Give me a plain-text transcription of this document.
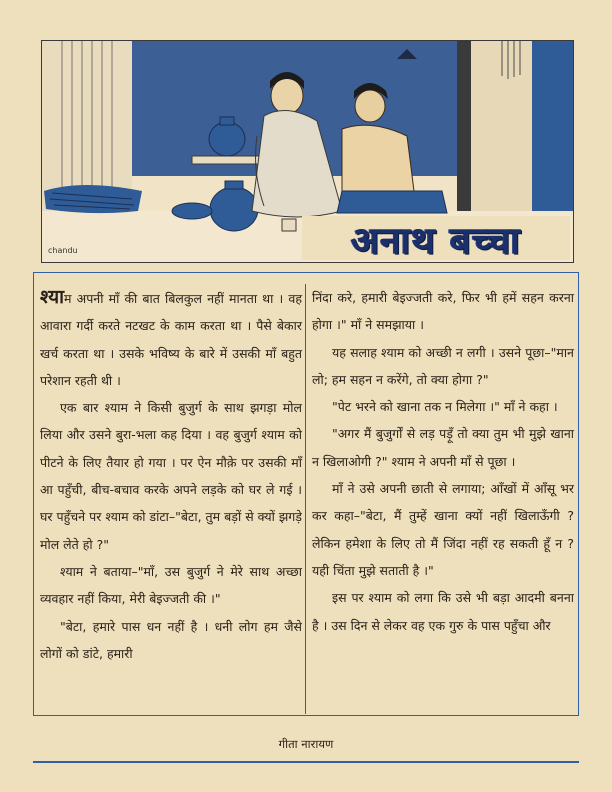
chandu	अनाथ बच्चा

श्याम अपनी माँ की बात बिलकुल नहीं मानता था । वह आवारा गर्दी करते नटखट के काम करता था । पैसे बेकार खर्च करता था । उसके भविष्य के बारे में उसकी माँ बहुत परेशान रहती थी ।

एक बार श्याम ने किसी बुजुर्ग के साथ झगड़ा मोल लिया और उसने बुरा-भला कह दिया । वह बुजुर्ग श्याम को पीटने के लिए तैयार हो गया । पर ऐन मौक़े पर उसकी माँ आ पहुँची, बीच-बचाव करके अपने लड़के को घर ले गई । घर पहुँचने पर श्याम को डांटा–"बेटा, तुम बड़ों से क्यों झगड़े मोल लेते हो ?"

श्याम ने बताया–"माँ, उस बुजुर्ग ने मेरे साथ अच्छा व्यवहार नहीं किया, मेरी बेइज्जती की ।"

"बेटा, हमारे पास धन नहीं है । धनी लोग हम जैसे लोगों को डांटे, हमारी

निंदा करे, हमारी बेइज्जती करे, फिर भी हमें सहन करना होगा ।" माँ ने समझाया ।

यह सलाह श्याम को अच्छी न लगी । उसने पूछा–"मान लो; हम सहन न करेंगे, तो क्या होगा ?"

"पेट भरने को खाना तक न मिलेगा ।" माँ ने कहा ।

"अगर मैं बुजुर्गों से लड़ पड़ूँ तो क्या तुम भी मुझे खाना न खिलाओगी ?" श्याम ने अपनी माँ से पूछा ।

माँ ने उसे अपनी छाती से लगाया; आँखों में आँसू भर कर कहा–"बेटा, मैं तुम्हें खाना क्यों नहीं खिलाऊँगी ? लेकिन हमेशा के लिए तो मैं जिंदा नहीं रह सकती हूँ न ? यही चिंता मुझे सताती है ।"

इस पर श्याम को लगा कि उसे भी बड़ा आदमी बनना है । उस दिन से लेकर वह एक गुरु के पास पहुँचा और

गीता नारायण
